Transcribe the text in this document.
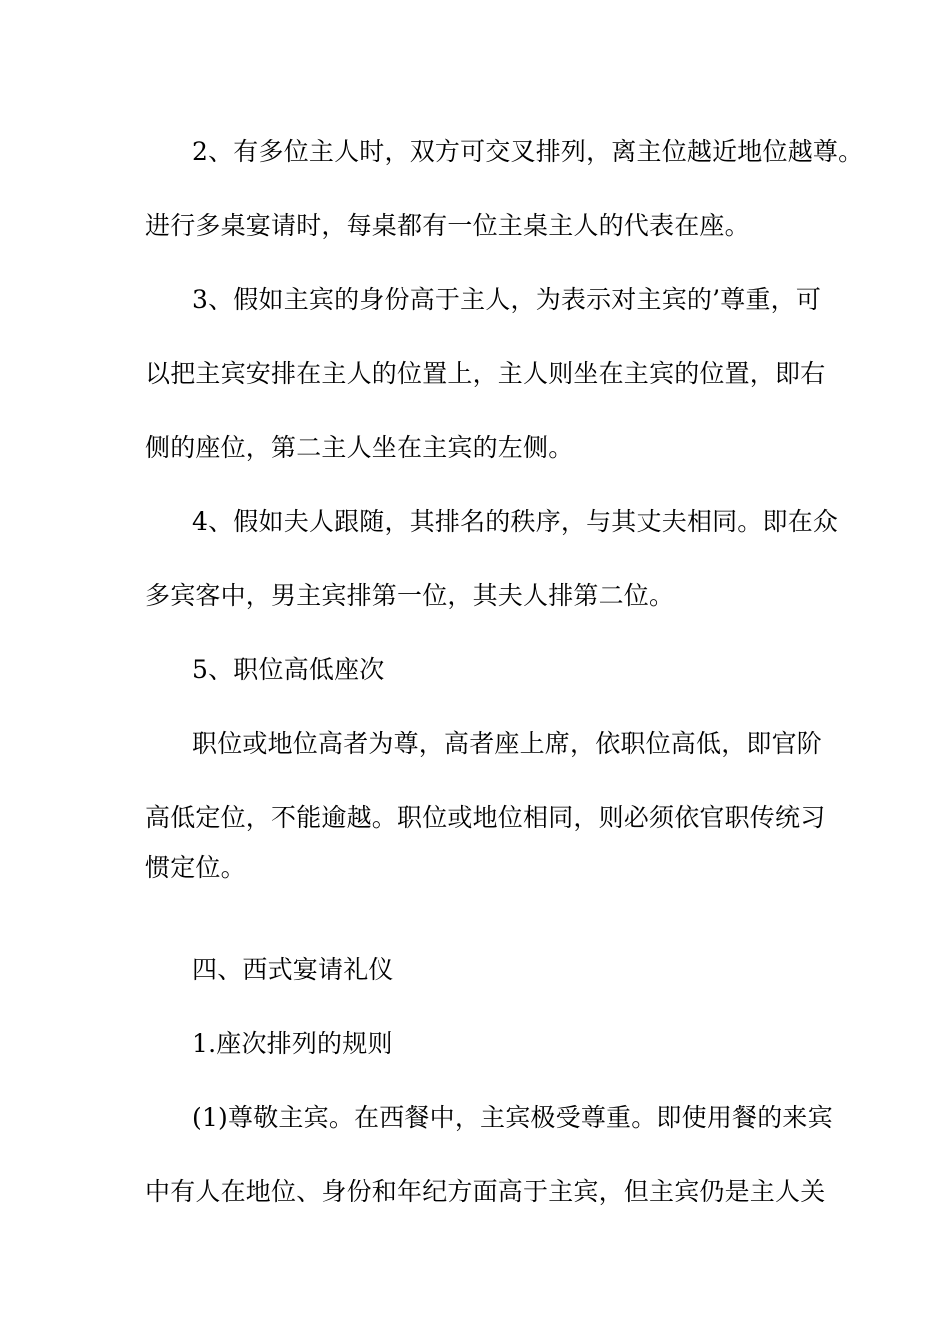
2、有多位主人时，双方可交叉排列，离主位越近地位越尊。
进行多桌宴请时，每桌都有一位主桌主人的代表在座。
3、假如主宾的身份高于主人，为表示对主宾的’尊重，可
以把主宾安排在主人的位置上，主人则坐在主宾的位置，即右
侧的座位，第二主人坐在主宾的左侧。
4、假如夫人跟随，其排名的秩序，与其丈夫相同。即在众
多宾客中，男主宾排第一位，其夫人排第二位。
5、职位高低座次
职位或地位高者为尊，高者座上席，依职位高低，即官阶
高低定位，不能逾越。职位或地位相同，则必须依官职传统习
惯定位。
四、西式宴请礼仪
1.座次排列的规则
(1)尊敬主宾。在西餐中，主宾极受尊重。即使用餐的来宾
中有人在地位、身份和年纪方面高于主宾，但主宾仍是主人关
